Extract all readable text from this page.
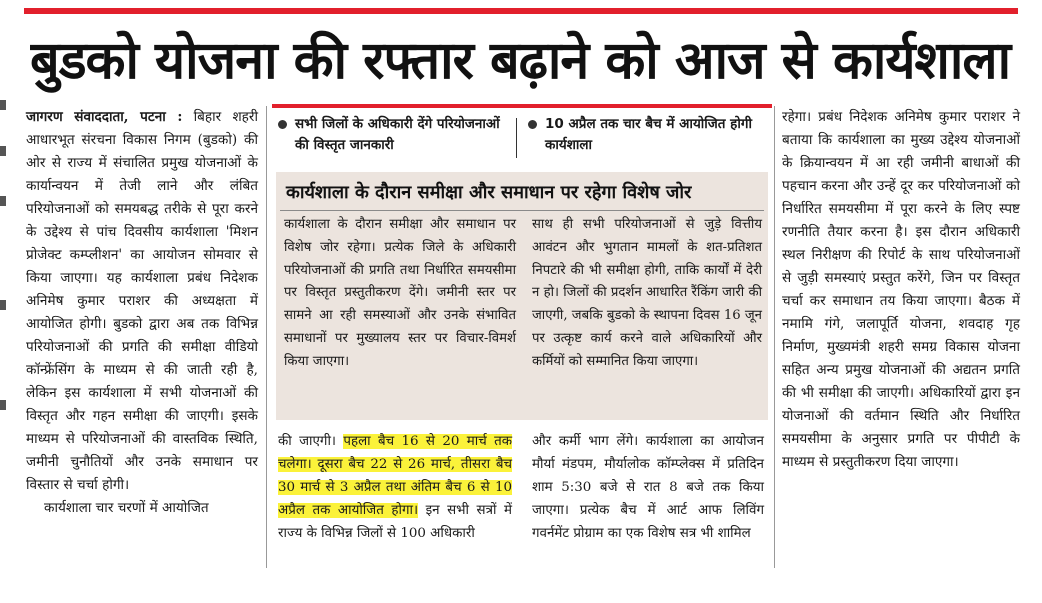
बुडको योजना की रफ्तार बढ़ाने को आज से कार्यशाला

जागरण संवाददाता, पटना : बिहार शहरी आधारभूत संरचना विकास निगम (बुडको) की ओर से राज्य में संचालित प्रमुख योजनाओं के कार्यान्वयन में तेजी लाने और लंबित परियोजनाओं को समयबद्ध तरीके से पूरा करने के उद्देश्य से पांच दिवसीय कार्यशाला 'मिशन प्रोजेक्ट कम्प्लीशन' का आयोजन सोमवार से किया जाएगा। यह कार्यशाला प्रबंध निदेशक अनिमेष कुमार पराशर की अध्यक्षता में आयोजित होगी। बुडको द्वारा अब तक विभिन्न परियोजनाओं की प्रगति की समीक्षा वीडियो कॉन्फ्रेंसिंग के माध्यम से की जाती रही है, लेकिन इस कार्यशाला में सभी योजनाओं की विस्तृत और गहन समीक्षा की जाएगी। इसके माध्यम से परियोजनाओं की वास्तविक स्थिति, जमीनी चुनौतियों और उनके समाधान पर विस्तार से चर्चा होगी।

कार्यशाला चार चरणों में आयोजित

सभी जिलों के अधिकारी देंगे परियोजनाओं की विस्तृत जानकारी
10 अप्रैल तक चार बैच में आयोजित होगी कार्यशाला
कार्यशाला के दौरान समीक्षा और समाधान पर रहेगा विशेष जोर
कार्यशाला के दौरान समीक्षा और समाधान पर विशेष जोर रहेगा। प्रत्येक जिले के अधिकारी परियोजनाओं की प्रगति तथा निर्धारित समयसीमा पर विस्तृत प्रस्तुतीकरण देंगे। जमीनी स्तर पर सामने आ रही समस्याओं और उनके संभावित समाधानों पर मुख्यालय स्तर पर विचार-विमर्श किया जाएगा।
साथ ही सभी परियोजनाओं से जुड़े वित्तीय आवंटन और भुगतान मामलों के शत-प्रतिशत निपटारे की भी समीक्षा होगी, ताकि कार्यों में देरी न हो। जिलों की प्रदर्शन आधारित रैंकिंग जारी की जाएगी, जबकि बुडको के स्थापना दिवस 16 जून पर उत्कृष्ट कार्य करने वाले अधिकारियों और कर्मियों को सम्मानित किया जाएगा।
की जाएगी। पहला बैच 16 से 20 मार्च तक चलेगा। दूसरा बैच 22 से 26 मार्च, तीसरा बैच 30 मार्च से 3 अप्रैल तथा अंतिम बैच 6 से 10 अप्रैल तक आयोजित होगा। इन सभी सत्रों में राज्य के विभिन्न जिलों से 100 अधिकारी
और कर्मी भाग लेंगे। कार्यशाला का आयोजन मौर्या मंडपम, मौर्यालोक कॉम्प्लेक्स में प्रतिदिन शाम 5:30 बजे से रात 8 बजे तक किया जाएगा। प्रत्येक बैच में आर्ट आफ लिविंग गवर्नमेंट प्रोग्राम का एक विशेष सत्र भी शामिल
रहेगा। प्रबंध निदेशक अनिमेष कुमार पराशर ने बताया कि कार्यशाला का मुख्य उद्देश्य योजनाओं के क्रियान्वयन में आ रही जमीनी बाधाओं की पहचान करना और उन्हें दूर कर परियोजनाओं को निर्धारित समयसीमा में पूरा करने के लिए स्पष्ट रणनीति तैयार करना है। इस दौरान अधिकारी स्थल निरीक्षण की रिपोर्ट के साथ परियोजनाओं से जुड़ी समस्याएं प्रस्तुत करेंगे, जिन पर विस्तृत चर्चा कर समाधान तय किया जाएगा। बैठक में नमामि गंगे, जलापूर्ति योजना, शवदाह गृह निर्माण, मुख्यमंत्री शहरी समग्र विकास योजना सहित अन्य प्रमुख योजनाओं की अद्यतन प्रगति की भी समीक्षा की जाएगी। अधिकारियों द्वारा इन योजनाओं की वर्तमान स्थिति और निर्धारित समयसीमा के अनुसार प्रगति पर पीपीटी के माध्यम से प्रस्तुतीकरण दिया जाएगा।
